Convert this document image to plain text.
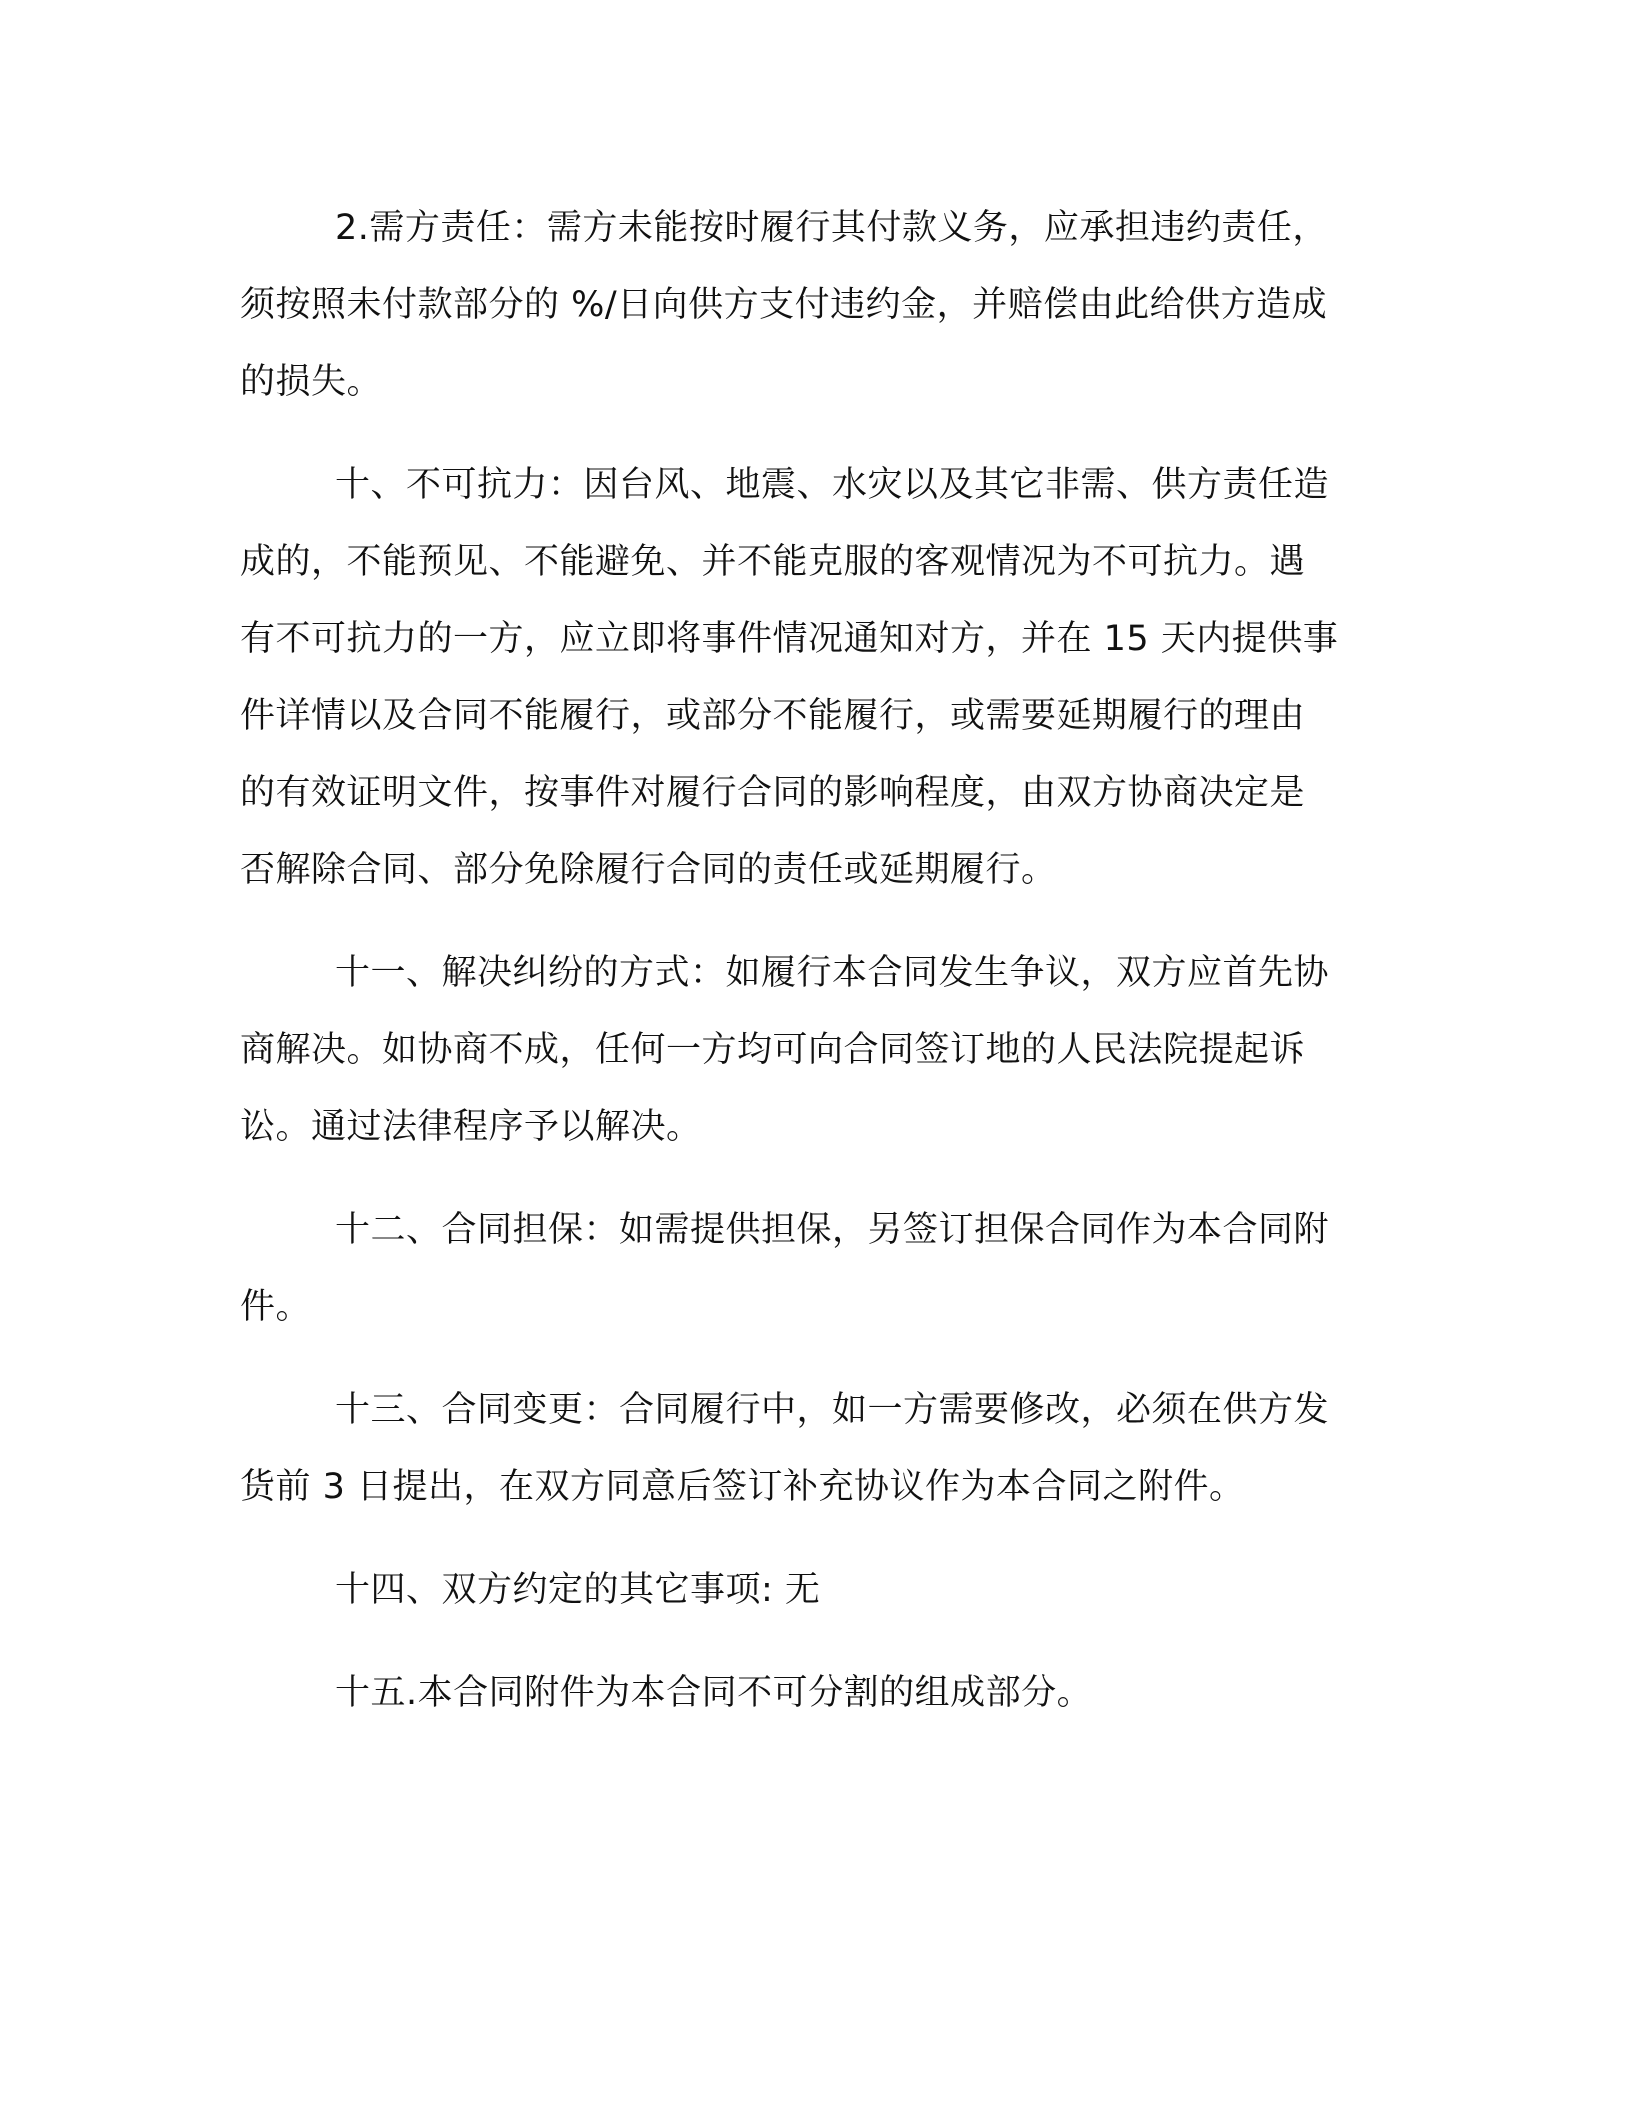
2.需方责任：需方未能按时履行其付款义务，应承担违约责任，
须按照未付款部分的 %/日向供方支付违约金，并赔偿由此给供方造成
的损失。

十、不可抗力：因台风、地震、水灾以及其它非需、供方责任造
成的，不能预见、不能避免、并不能克服的客观情况为不可抗力。遇
有不可抗力的一方，应立即将事件情况通知对方，并在 15 天内提供事
件详情以及合同不能履行，或部分不能履行，或需要延期履行的理由
的有效证明文件，按事件对履行合同的影响程度，由双方协商决定是
否解除合同、部分免除履行合同的责任或延期履行。

十一、解决纠纷的方式：如履行本合同发生争议，双方应首先协
商解决。如协商不成，任何一方均可向合同签订地的人民法院提起诉
讼。通过法律程序予以解决。

十二、合同担保：如需提供担保，另签订担保合同作为本合同附
件。

十三、合同变更：合同履行中，如一方需要修改，必须在供方发
货前 3 日提出，在双方同意后签订补充协议作为本合同之附件。

十四、双方约定的其它事项: 无

十五.本合同附件为本合同不可分割的组成部分。
